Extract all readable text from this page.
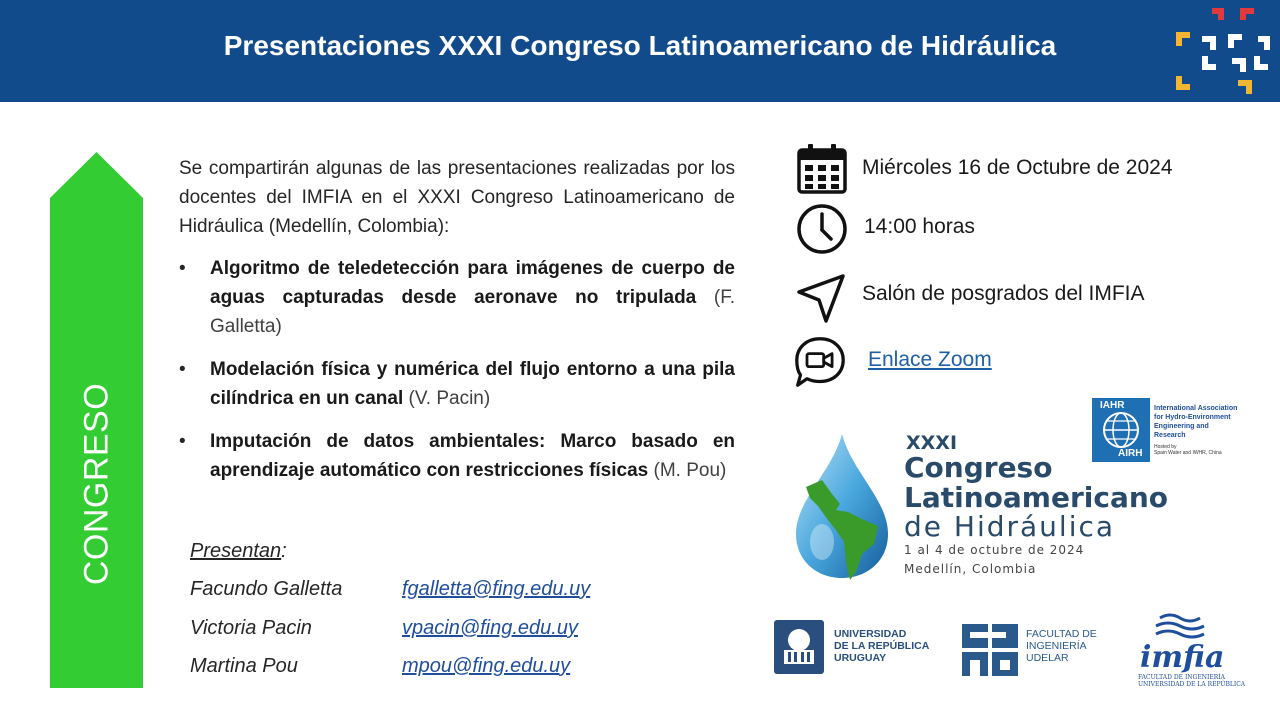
Presentaciones XXXI Congreso Latinoamericano de Hidráulica
CONGRESO
Se compartirán algunas de las presentaciones realizadas por los docentes del IMFIA en el XXXI Congreso Latinoamericano de Hidráulica (Medellín, Colombia):
• Algoritmo de teledetección para imágenes de cuerpo de aguas capturadas desde aeronave no tripulada (F. Galletta)
• Modelación física y numérica del flujo entorno a una pila cilíndrica en un canal (V. Pacin)
• Imputación de datos ambientales: Marco basado en aprendizaje automático con restricciones físicas (M. Pou)
Presentan:
Facundo Galletta	fgalletta@fing.edu.uy
Victoria Pacin	vpacin@fing.edu.uy
Martina Pou	mpou@fing.edu.uy
Miércoles 16 de Octubre de 2024
14:00 horas
Salón de posgrados del IMFIA
Enlace Zoom
IAHR
AIRH
International Association
for Hydro-Environment
Engineering and Research
Hosted by
Spain Water and IWHR, China
XXXI
Congreso
Latinoamericano
de Hidráulica
1 al 4 de octubre de 2024
Medellín, Colombia
UNIVERSIDAD
DE LA REPÚBLICA
URUGUAY
FACULTAD DE
INGENIERÍA
UDELAR	imfia
FACULTAD DE INGENIERÍA
UNIVERSIDAD DE LA REPÚBLICA
